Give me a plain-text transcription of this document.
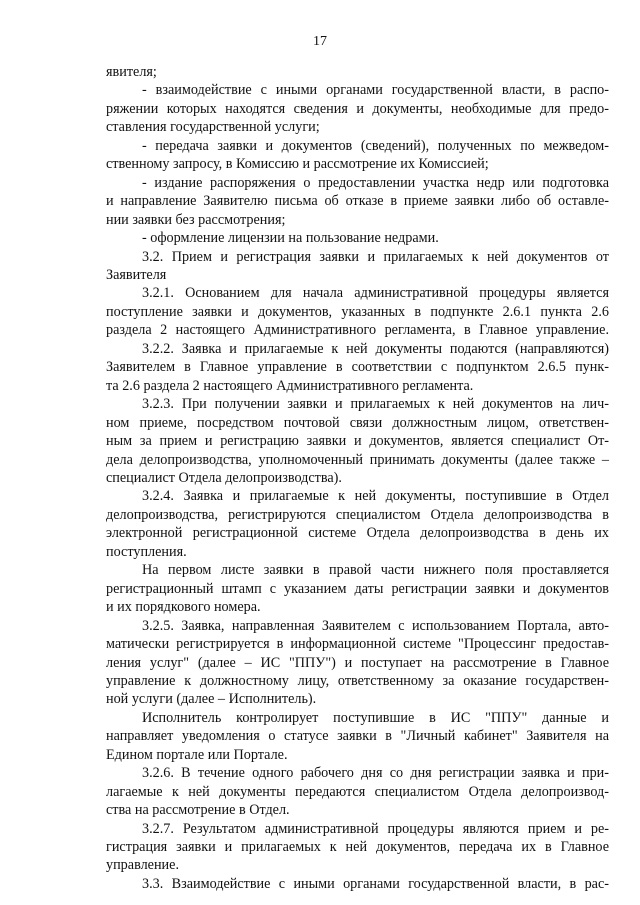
17
явителя;
- взаимодействие с иными органами государственной власти, в распо-
ряжении которых находятся сведения и документы, необходимые для предо-
ставления государственной услуги;
- передача заявки и документов (сведений), полученных по межведом-
ственному запросу, в Комиссию и рассмотрение их Комиссией;
- издание распоряжения о предоставлении участка недр или подготовка
и направление Заявителю письма об отказе в приеме заявки либо об оставле-
нии заявки без рассмотрения;
- оформление лицензии на пользование недрами.
3.2. Прием и регистрация заявки и прилагаемых к ней документов от
Заявителя
3.2.1. Основанием для начала административной процедуры является
поступление заявки и документов, указанных в подпункте 2.6.1 пункта 2.6
раздела 2 настоящего Административного регламента, в Главное управление.
3.2.2. Заявка и прилагаемые к ней документы подаются (направляются)
Заявителем в Главное управление в соответствии с подпунктом 2.6.5 пунк-
та 2.6 раздела 2 настоящего Административного регламента.
3.2.3. При получении заявки и прилагаемых к ней документов на лич-
ном приеме, посредством почтовой связи должностным лицом, ответствен-
ным за прием и регистрацию заявки и документов, является специалист От-
дела делопроизводства, уполномоченный принимать документы (далее также –
специалист Отдела делопроизводства).
3.2.4. Заявка и прилагаемые к ней документы, поступившие в Отдел
делопроизводства, регистрируются специалистом Отдела делопроизводства в
электронной регистрационной системе Отдела делопроизводства в день их
поступления.
На первом листе заявки в правой части нижнего поля проставляется
регистрационный штамп с указанием даты регистрации заявки и документов
и их порядкового номера.
3.2.5. Заявка, направленная Заявителем с использованием Портала, авто-
матически регистрируется в информационной системе "Процессинг предостав-
ления услуг" (далее – ИС "ППУ") и поступает на рассмотрение в Главное
управление к должностному лицу, ответственному за оказание государствен-
ной услуги (далее – Исполнитель).
Исполнитель контролирует поступившие в ИС "ППУ" данные и
направляет уведомления о статусе заявки в "Личный кабинет" Заявителя на
Едином портале или Портале.
3.2.6. В течение одного рабочего дня со дня регистрации заявка и при-
лагаемые к ней документы передаются специалистом Отдела делопроизвод-
ства на рассмотрение в Отдел.
3.2.7. Результатом административной процедуры являются прием и ре-
гистрация заявки и прилагаемых к ней документов, передача их в Главное
управление.
3.3. Взаимодействие с иными органами государственной власти, в рас-
